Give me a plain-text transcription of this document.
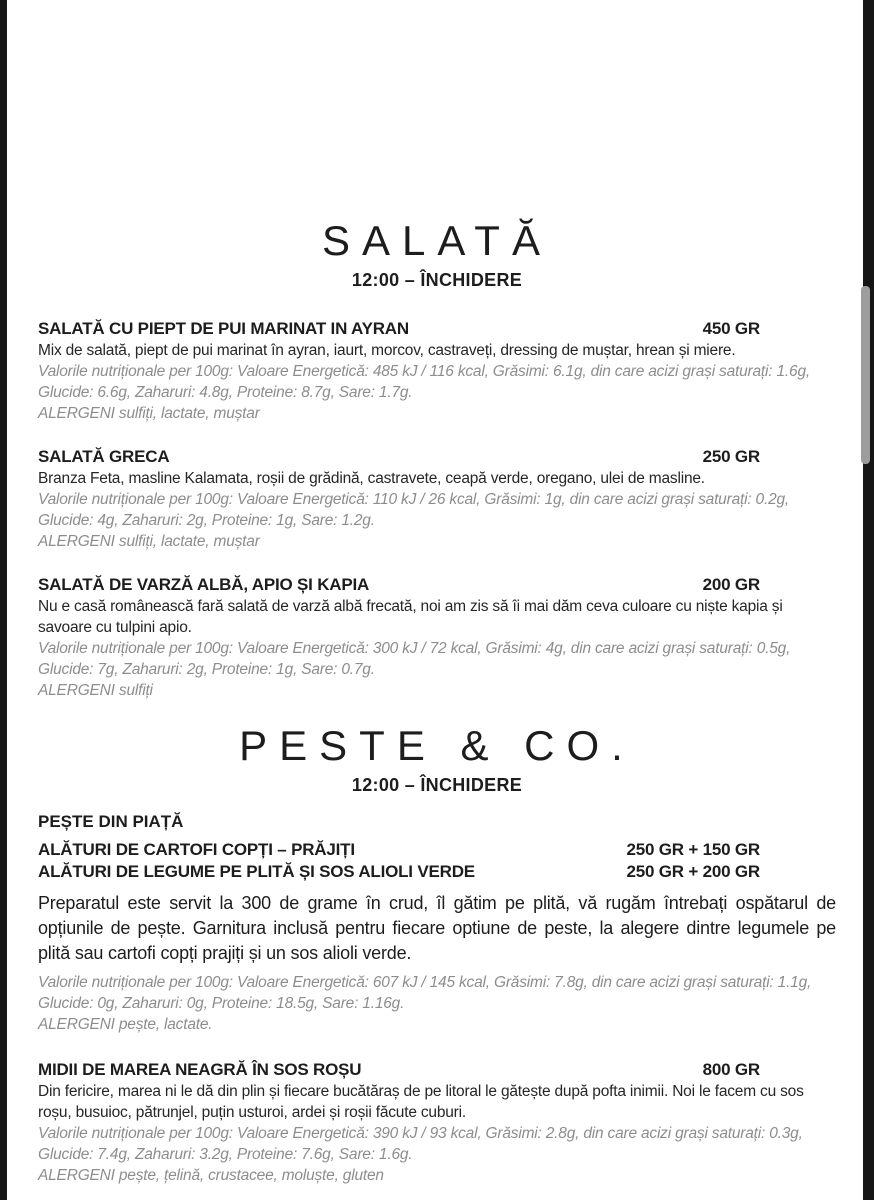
SALATĂ
12:00 – ÎNCHIDERE
SALATĂ CU PIEPT DE PUI MARINAT IN AYRAN	450 GR
Mix de salată, piept de pui marinat în ayran, iaurt, morcov, castraveți, dressing de muștar, hrean și miere.
Valorile nutriționale per 100g: Valoare Energetică: 485 kJ / 116 kcal, Grăsimi: 6.1g, din care acizi grași saturați: 1.6g, Glucide: 6.6g, Zaharuri: 4.8g, Proteine: 8.7g, Sare: 1.7g.
ALERGENI sulfiți, lactate, muștar
SALATĂ GRECA	250 GR
Branza Feta, masline Kalamata, roșii de grădină, castravete, ceapă verde, oregano, ulei de masline.
Valorile nutriționale per 100g: Valoare Energetică: 110 kJ / 26 kcal, Grăsimi: 1g, din care acizi grași saturați: 0.2g, Glucide: 4g, Zaharuri: 2g, Proteine: 1g, Sare: 1.2g.
ALERGENI sulfiți, lactate, muștar
SALATĂ DE VARZĂ ALBĂ, APIO ȘI KAPIA	200 GR
Nu e casă românească fară salată de varză albă frecată, noi am zis să îi mai dăm ceva culoare cu niște kapia și savoare cu tulpini apio.
Valorile nutriționale per 100g: Valoare Energetică: 300 kJ / 72 kcal, Grăsimi: 4g, din care acizi grași saturați: 0.5g, Glucide: 7g, Zaharuri: 2g, Proteine: 1g, Sare: 0.7g.
ALERGENI sulfiți
PESTE & CO.
12:00 – ÎNCHIDERE
PEȘTE DIN PIAȚĂ
ALĂTURI DE CARTOFI COPȚI – PRĂJIȚI	250 GR + 150 GR
ALĂTURI DE LEGUME PE PLITĂ ȘI SOS ALIOLI VERDE	250 GR + 200 GR
Preparatul este servit la 300 de grame în crud, îl gătim pe plită, vă rugăm întrebați ospătarul de opțiunile de pește. Garnitura inclusă pentru fiecare optiune de peste, la alegere dintre legumele pe plită sau cartofi copți prajiți și un sos alioli verde.
Valorile nutriționale per 100g: Valoare Energetică: 607 kJ / 145 kcal, Grăsimi: 7.8g, din care acizi grași saturați: 1.1g, Glucide: 0g, Zaharuri: 0g, Proteine: 18.5g, Sare: 1.16g.
ALERGENI pește, lactate.
MIDII DE MAREA NEAGRĂ ÎN SOS ROȘU	800 GR
Din fericire, marea ni le dă din plin și fiecare bucătăraș de pe litoral le gătește după pofta inimii. Noi le facem cu sos roșu, busuioc, pătrunjel, puțin usturoi, ardei și roșii făcute cuburi.
Valorile nutriționale per 100g: Valoare Energetică: 390 kJ / 93 kcal, Grăsimi: 2.8g, din care acizi grași saturați: 0.3g, Glucide: 7.4g, Zaharuri: 3.2g, Proteine: 7.6g, Sare: 1.6g.
ALERGENI pește, țelină, crustacee, moluște, gluten
